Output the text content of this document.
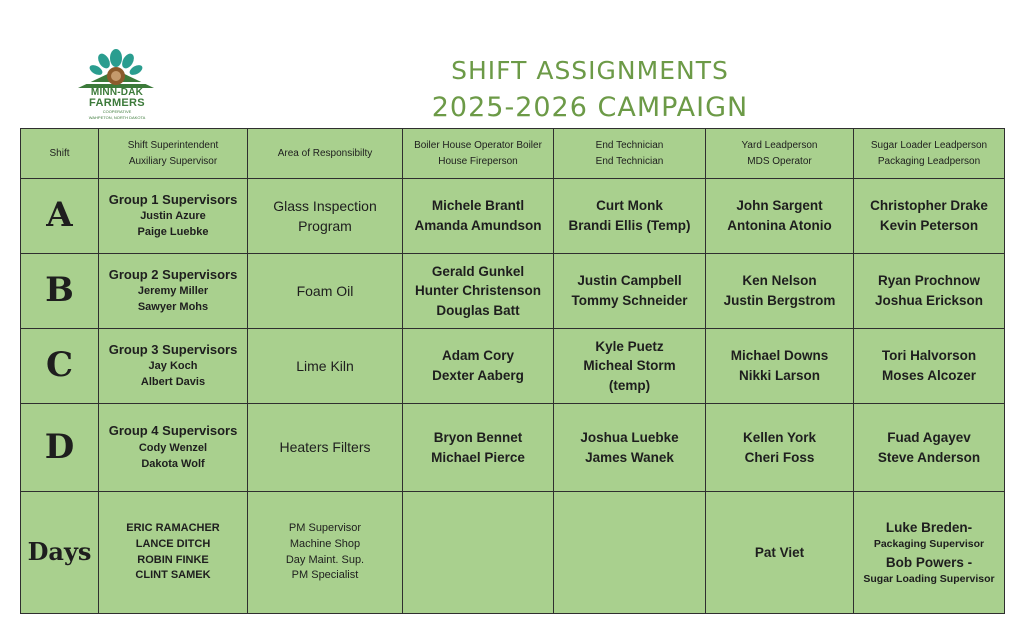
MINN-DAK
FARMERS
COOPERATIVE
WAHPETON, NORTH DAKOTA
SHIFT ASSIGNMENTS
2025-2026 CAMPAIGN
Shift	Shift Superintendent
Auxiliary Supervisor	Area of Responsibilty	Boiler House Operator Boiler
House Fireperson	End Technician
End Technician	Yard Leadperson
MDS Operator	Sugar Loader Leadperson
Packaging Leadperson

A	Group 1 Supervisors
Justin Azure
Paige Luebke	Glass Inspection
Program	Michele Brantl
Amanda Amundson	Curt Monk
Brandi Ellis (Temp)	John Sargent
Antonina Atonio	Christopher Drake
Kevin Peterson

B	Group 2 Supervisors
Jeremy Miller
Sawyer Mohs	Foam Oil	Gerald Gunkel
Hunter Christenson
Douglas Batt	Justin Campbell
Tommy Schneider	Ken Nelson
Justin Bergstrom	Ryan Prochnow
Joshua Erickson

C	Group 3 Supervisors
Jay Koch
Albert Davis	Lime Kiln	Adam Cory
Dexter Aaberg	Kyle Puetz
Micheal Storm
(temp)	Michael Downs
Nikki Larson	Tori Halvorson
Moses Alcozer

D	Group 4 Supervisors
Cody Wenzel
Dakota Wolf	Heaters Filters	Bryon Bennet
Michael Pierce	Joshua Luebke
James Wanek	Kellen York
Cheri Foss	Fuad Agayev
Steve Anderson

Days	ERIC RAMACHER
LANCE DITCH
ROBIN FINKE
CLINT SAMEK	PM Supervisor
Machine Shop
Day Maint. Sup.
PM Specialist			Pat Viet	Luke Breden-
Packaging Supervisor
Bob Powers -
Sugar Loading Supervisor
